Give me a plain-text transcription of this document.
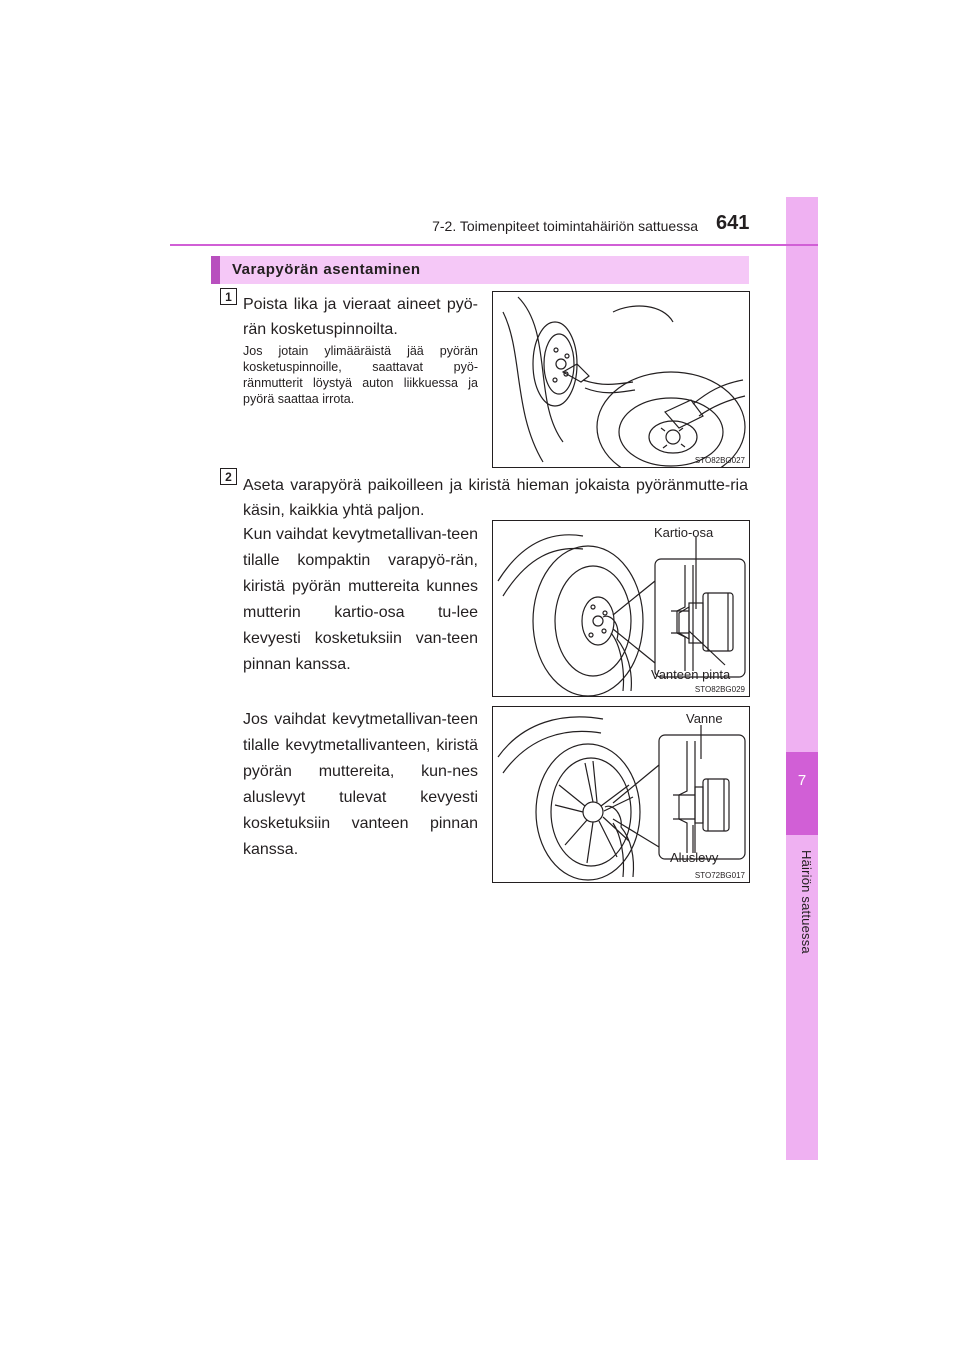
7
Häiriön sattuessa
7-2. Toimenpiteet toimintahäiriön sattuessa 641
Varapyörän asentaminen
1 Poista lika ja vieraat aineet pyö-rän kosketuspinnoilta.
Jos jotain ylimääräistä jää pyörän kosketuspinnoille, saattavat pyö-ränmutterit löystyä auton liikkuessa ja pyörä saattaa irrota.
STO82BG027
2 Aseta varapyörä paikoilleen ja kiristä hieman jokaista pyöränmutte-ria käsin, kaikkia yhtä paljon.
Kun vaihdat kevytmetallivan-teen tilalle kompaktin varapyö-rän, kiristä pyörän muttereita kunnes mutterin kartio-osa tu-lee kevyesti kosketuksiin van-teen pinnan kanssa.
Jos vaihdat kevytmetallivan-teen tilalle kevytmetallivanteen, kiristä pyörän muttereita, kun-nes aluslevyt tulevat kevyesti kosketuksiin vanteen pinnan kanssa.
Kartio-osa
Vanteen pinta
STO82BG029
Vanne
Aluslevy
STO72BG017
